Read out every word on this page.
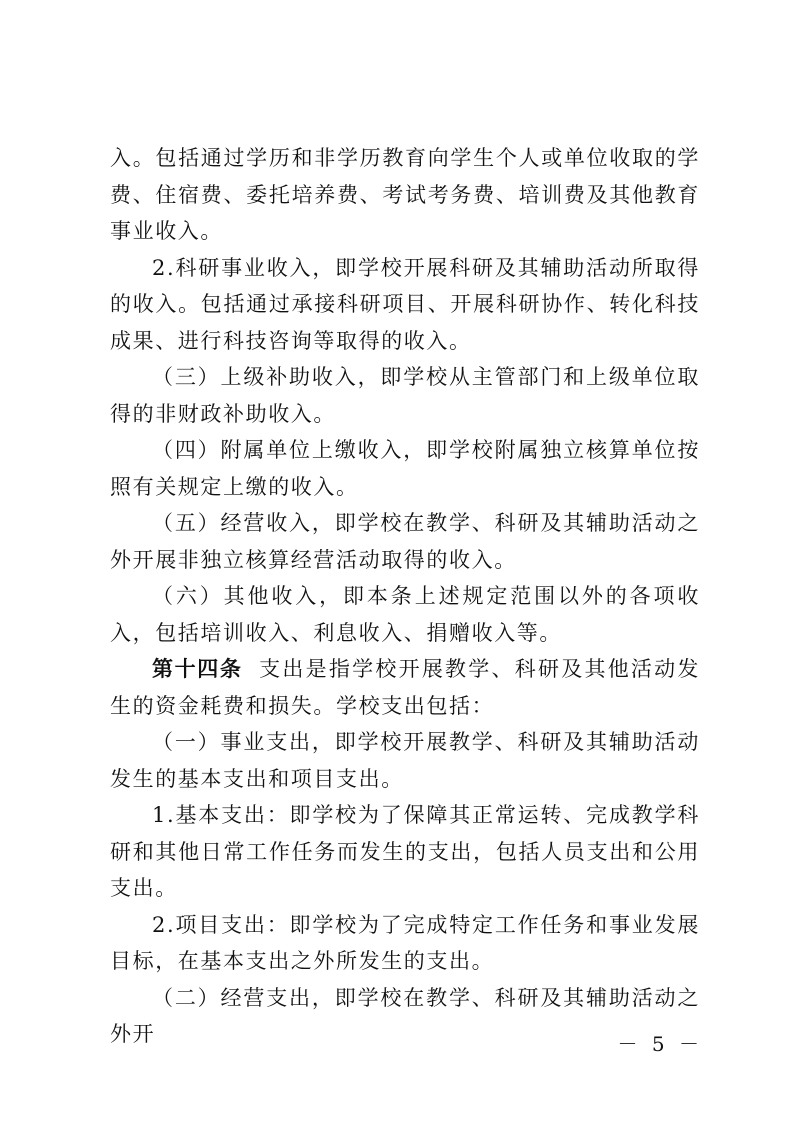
入。包括通过学历和非学历教育向学生个人或单位收取的学费、住宿费、委托培养费、考试考务费、培训费及其他教育事业收入。

2.科研事业收入，即学校开展科研及其辅助活动所取得的收入。包括通过承接科研项目、开展科研协作、转化科技成果、进行科技咨询等取得的收入。

（三）上级补助收入，即学校从主管部门和上级单位取得的非财政补助收入。

（四）附属单位上缴收入，即学校附属独立核算单位按照有关规定上缴的收入。

（五）经营收入，即学校在教学、科研及其辅助活动之外开展非独立核算经营活动取得的收入。

（六）其他收入，即本条上述规定范围以外的各项收入，包括培训收入、利息收入、捐赠收入等。

第十四条 支出是指学校开展教学、科研及其他活动发生的资金耗费和损失。学校支出包括：

（一）事业支出，即学校开展教学、科研及其辅助活动发生的基本支出和项目支出。

1.基本支出：即学校为了保障其正常运转、完成教学科研和其他日常工作任务而发生的支出，包括人员支出和公用支出。

2.项目支出：即学校为了完成特定工作任务和事业发展目标，在基本支出之外所发生的支出。

（二）经营支出，即学校在教学、科研及其辅助活动之外开	－ 5 －
